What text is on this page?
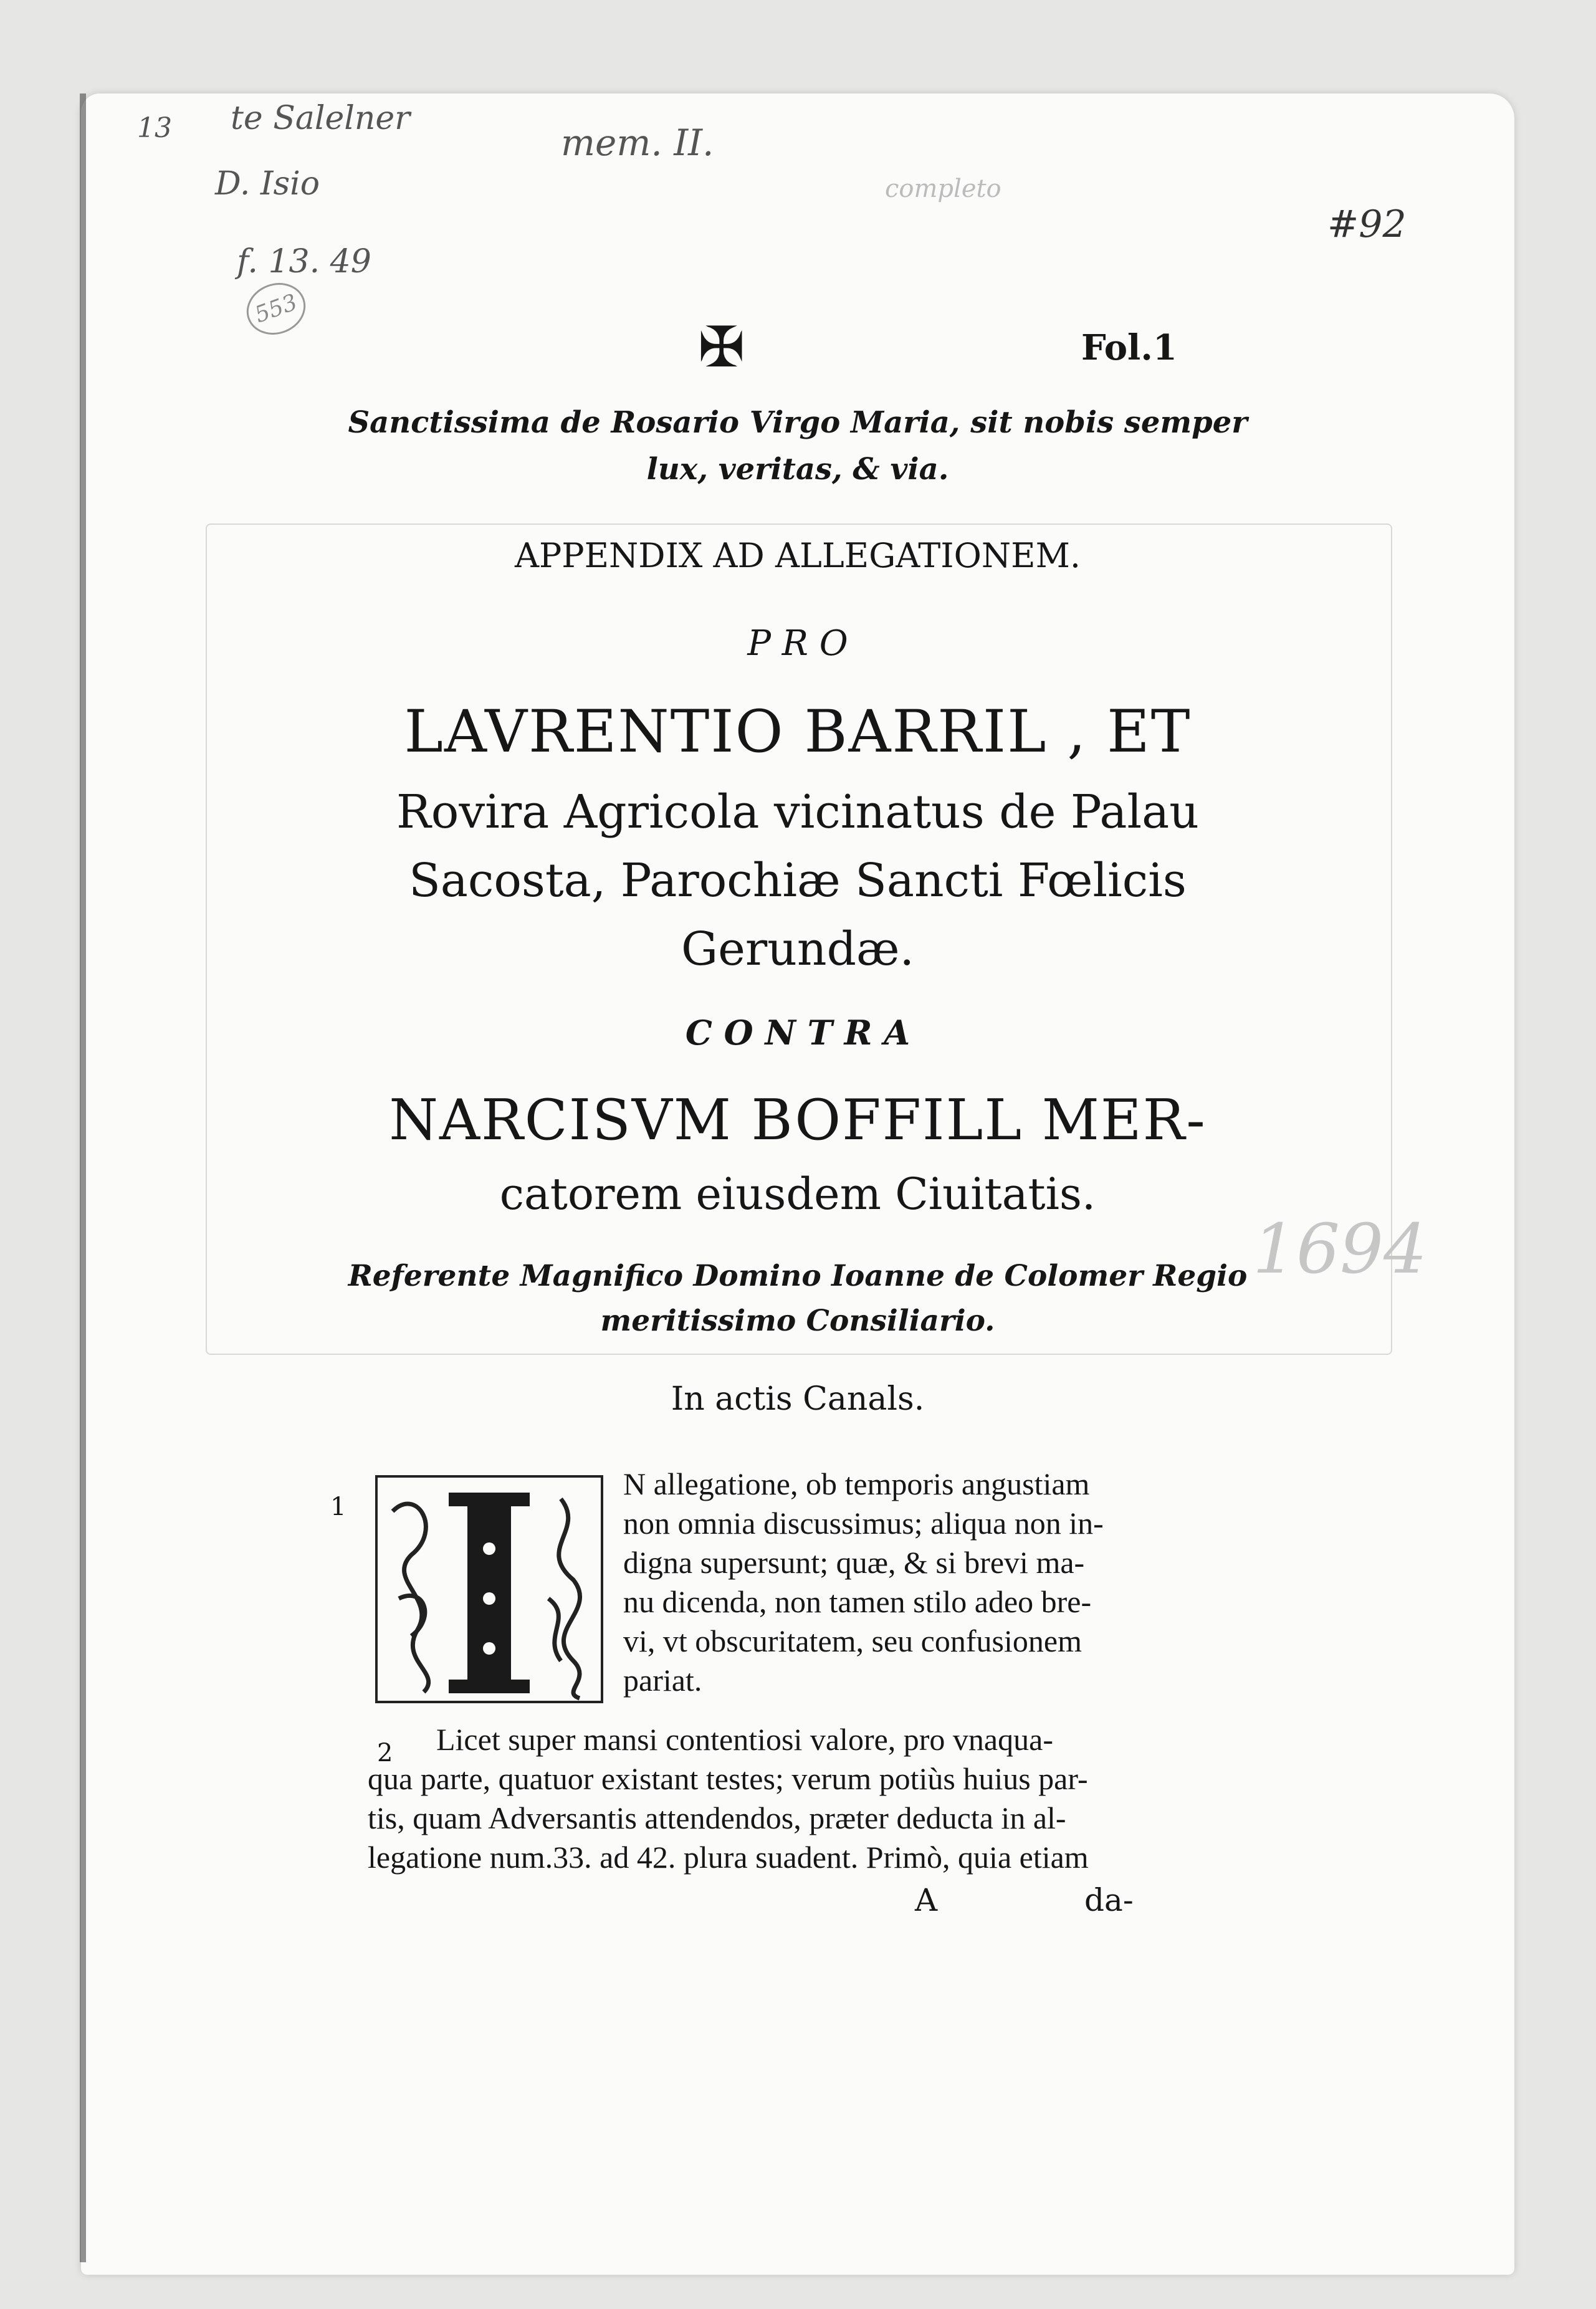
13 te Salelner
D. Isio
f. 13. 49
553
mem. II.
completo
#92
1694
✠	Fol.1
Sanctissima de Rosario Virgo Maria, sit nobis semper
lux, veritas, & via.
APPENDIX AD ALLEGATIONEM.
P R O
LAVRENTIO BARRIL , ET
Rovira Agricola vicinatus de Palau
Sacosta, Parochiæ Sancti Fœlicis
Gerundæ.
C O N T R A
NARCISVM BOFFILL MER-
catorem eiusdem Ciuitatis.
Referente Magnifico Domino Ioanne de Colomer Regio
meritissimo Consiliario.
In actis Canals.
1
N allegatione, ob temporis angustiam
non omnia discussimus; aliqua non in-
digna supersunt; quæ, & si brevi ma-
nu dicenda, non tamen stilo adeo bre-
vi, vt obscuritatem, seu confusionem
pariat.
2	Licet super mansi contentiosi valore, pro vnaqua-
qua parte, quatuor existant testes; verum potiùs huius par-
tis, quam Adversantis attendendos, præter deducta in al-
legatione num.33. ad 42. plura suadent. Primò, quia etiam
A	da-
